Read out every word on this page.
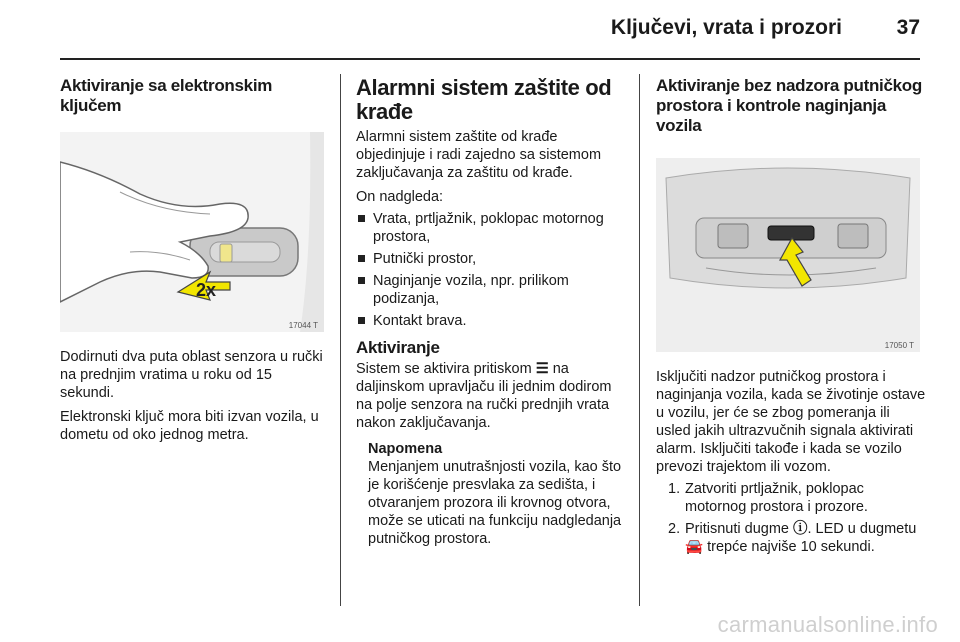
Ključevi, vrata i prozori	37
Aktiviranje sa elektronskim ključem
2x
17044 T

Dodirnuti dva puta oblast senzora u ručki na prednjim vratima u roku od 15 sekundi.

Elektronski ključ mora biti izvan vozila, u dometu od oko jednog metra.

Alarmni sistem zaštite od krađe

Alarmni sistem zaštite od krađe objedinjuje i radi zajedno sa sistemom zaključavanja za zaštitu od krađe.

On nadgleda:

Vrata, prtljažnik, poklopac motornog prostora,
Putnički prostor,
Naginjanje vozila, npr. prilikom podizanja,
Kontakt brava.
Aktiviranje

Sistem se aktivira pritiskom ☰ na daljinskom upravljaču ili jednim dodirom na polje senzora na ručki prednjih vrata nakon zaključavanja.

Napomena

Menjanjem unutrašnjosti vozila, kao što je korišćenje presvlaka za sedišta, i otvaranjem prozora ili krovnog otvora, može se uticati na funkciju nadgledanja putničkog prostora.

Aktiviranje bez nadzora putničkog prostora i kontrole naginjanja vozila
17050 T

Isključiti nadzor putničkog prostora i naginjanja vozila, kada se životinje ostave u vozilu, jer će se zbog pomeranja ili usled jakih ultrazvučnih signala aktivirati alarm. Isključiti takođe i kada se vozilo prevozi trajektom ili vozom.

1. Zatvoriti prtljažnik, poklopac motornog prostora i prozore.
2. Pritisnuti dugme ⓘ. LED u dugmetu 🚘 trepće najviše 10 sekundi.
carmanualsonline.info
